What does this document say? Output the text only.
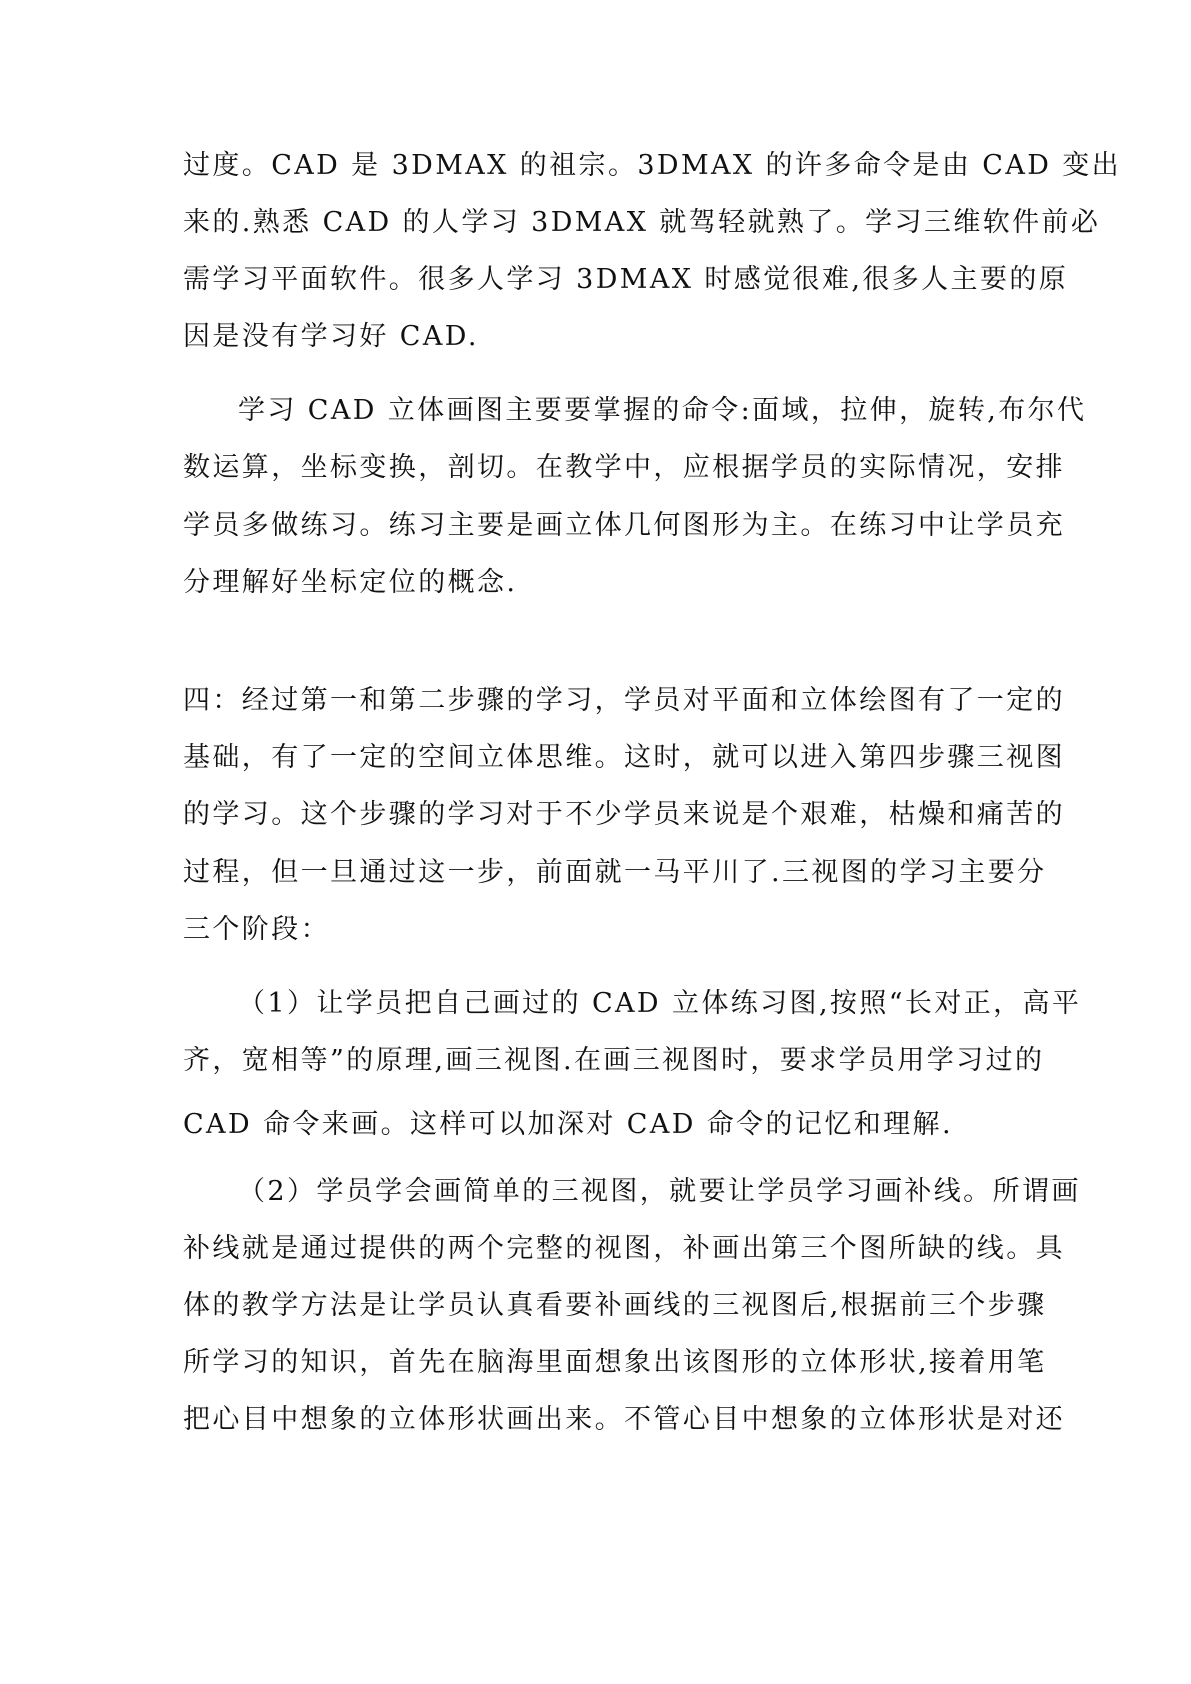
过度。CAD 是 3DMAX 的祖宗。3DMAX 的许多命令是由 CAD 变出
来的.熟悉 CAD 的人学习 3DMAX 就驾轻就熟了。学习三维软件前必
需学习平面软件。很多人学习 3DMAX 时感觉很难,很多人主要的原
因是没有学习好 CAD.
学习 CAD 立体画图主要要掌握的命令:面域，拉伸，旋转,布尔代
数运算，坐标变换，剖切。在教学中，应根据学员的实际情况，安排
学员多做练习。练习主要是画立体几何图形为主。在练习中让学员充
分理解好坐标定位的概念.
四：经过第一和第二步骤的学习，学员对平面和立体绘图有了一定的
基础，有了一定的空间立体思维。这时，就可以进入第四步骤三视图
的学习。这个步骤的学习对于不少学员来说是个艰难，枯燥和痛苦的
过程，但一旦通过这一步，前面就一马平川了.三视图的学习主要分
三个阶段：
（1）让学员把自己画过的 CAD 立体练习图,按照“长对正，高平
齐，宽相等”的原理,画三视图.在画三视图时，要求学员用学习过的
CAD 命令来画。这样可以加深对 CAD 命令的记忆和理解.
（2）学员学会画简单的三视图，就要让学员学习画补线。所谓画
补线就是通过提供的两个完整的视图，补画出第三个图所缺的线。具
体的教学方法是让学员认真看要补画线的三视图后,根据前三个步骤
所学习的知识，首先在脑海里面想象出该图形的立体形状,接着用笔
把心目中想象的立体形状画出来。不管心目中想象的立体形状是对还
